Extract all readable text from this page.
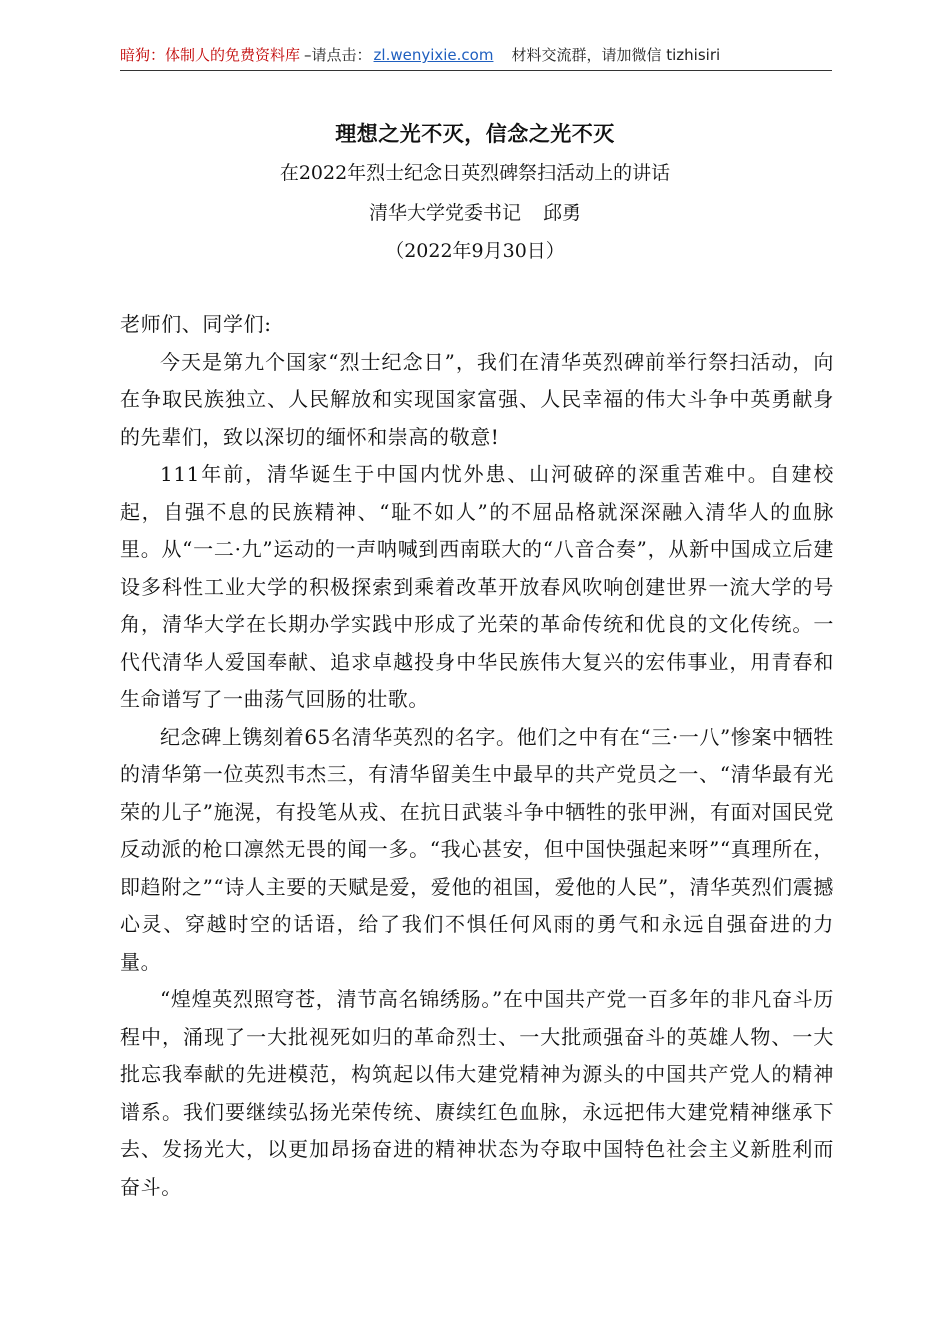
暗狗：体制人的免费资料库 –请点击： zl.wenyixie.com 材料交流群，请加微信 tizhisiri
理想之光不灭，信念之光不灭
在2022年烈士纪念日英烈碑祭扫活动上的讲话
清华大学党委书记 邱勇
（2022年9月30日）

老师们、同学们:

今天是第九个国家“烈士纪念日”，我们在清华英烈碑前举行祭扫活动，向在争取民族独立、人民解放和实现国家富强、人民幸福的伟大斗争中英勇献身的先辈们，致以深切的缅怀和崇高的敬意!

111年前，清华诞生于中国内忧外患、山河破碎的深重苦难中。自建校起，自强不息的民族精神、“耻不如人”的不屈品格就深深融入清华人的血脉里。从“一二·九”运动的一声呐喊到西南联大的“八音合奏”，从新中国成立后建设多科性工业大学的积极探索到乘着改革开放春风吹响创建世界一流大学的号角，清华大学在长期办学实践中形成了光荣的革命传统和优良的文化传统。一代代清华人爱国奉献、追求卓越投身中华民族伟大复兴的宏伟事业，用青春和生命谱写了一曲荡气回肠的壮歌。

纪念碑上镌刻着65名清华英烈的名字。他们之中有在“三·一八”惨案中牺牲的清华第一位英烈韦杰三，有清华留美生中最早的共产党员之一、“清华最有光荣的儿子”施滉，有投笔从戎、在抗日武装斗争中牺牲的张甲洲，有面对国民党反动派的枪口凛然无畏的闻一多。“我心甚安，但中国快强起来呀”“真理所在，即趋附之”“诗人主要的天赋是爱，爱他的祖国，爱他的人民”，清华英烈们震撼心灵、穿越时空的话语，给了我们不惧任何风雨的勇气和永远自强奋进的力量。

“煌煌英烈照穹苍，清节高名锦绣肠。”在中国共产党一百多年的非凡奋斗历程中，涌现了一大批视死如归的革命烈士、一大批顽强奋斗的英雄人物、一大批忘我奉献的先进模范，构筑起以伟大建党精神为源头的中国共产党人的精神谱系。我们要继续弘扬光荣传统、赓续红色血脉，永远把伟大建党精神继承下去、发扬光大，以更加昂扬奋进的精神状态为夺取中国特色社会主义新胜利而奋斗。
